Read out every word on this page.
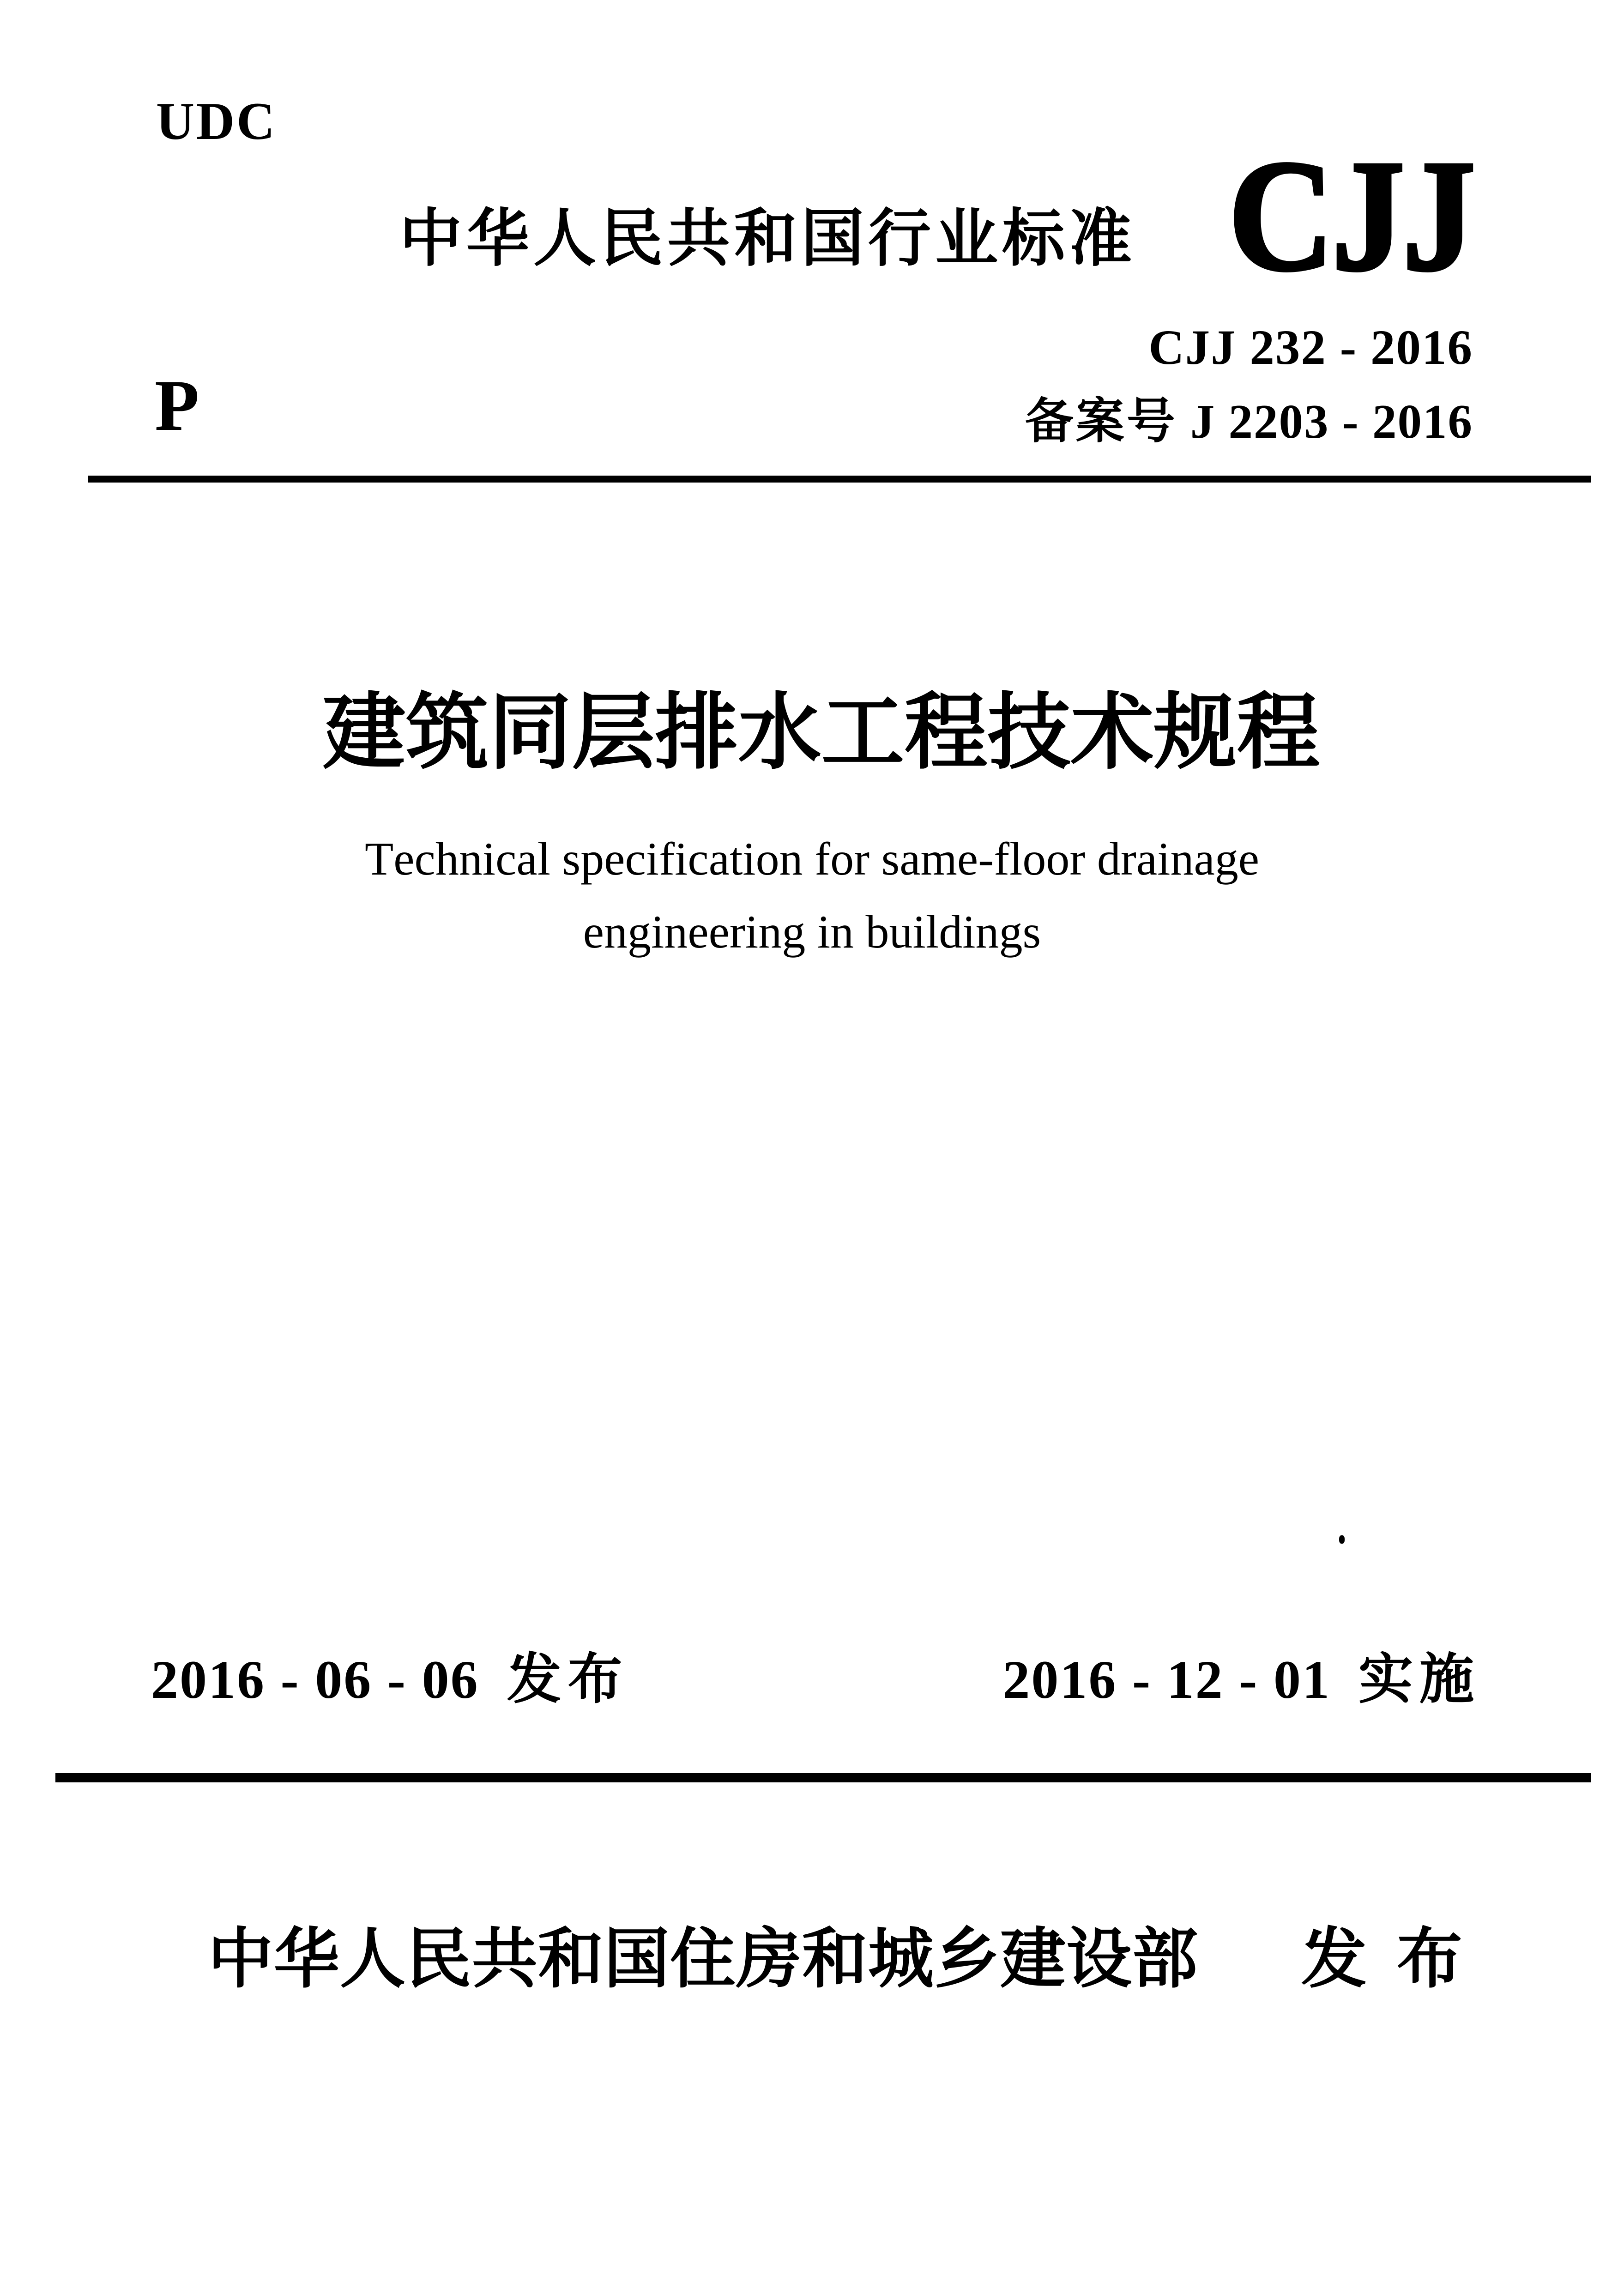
UDC
中华人民共和国行业标准 CJJ
CJJ 232 - 2016
备案号 J 2203 - 2016
P
建筑同层排水工程技术规程
Technical specification for same-floor drainage
engineering in buildings
2016 - 06 - 06 发布	2016 - 12 - 01 实施
中华人民共和国住房和城乡建设部 发布
